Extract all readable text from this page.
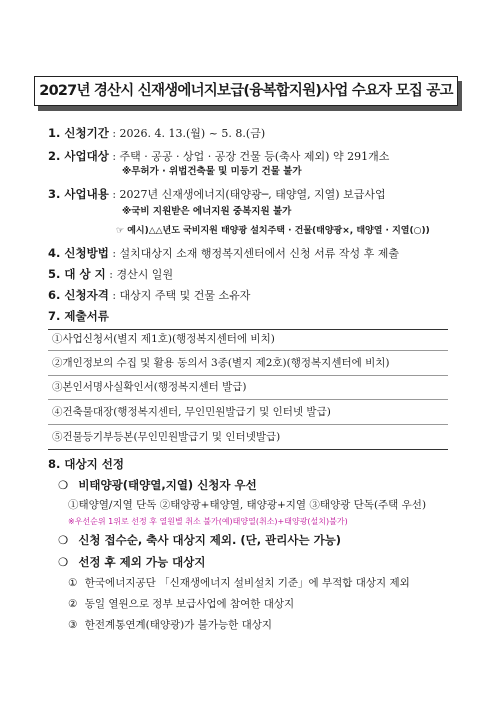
2027년 경산시 신재생에너지보급(융복합지원)사업 수요자 모집 공고
1. 신청기간 : 2026. 4. 13.(월) ~ 5. 8.(금)
2. 사업대상 : 주택 · 공공 · 상업 · 공장 건물 등(축사 제외) 약 291개소
※무허가 · 위법건축물 및 미등기 건물 불가
3. 사업내용 : 2027년 신재생에너지(태양광─, 태양열, 지열) 보급사업
※국비 지원받은 에너지원 중복지원 불가
☞ 예시)△△년도 국비지원 태양광 설치주택 · 건물(태양광×, 태양열 · 지열(○))
4. 신청방법 : 설치대상지 소재 행정복지센터에서 신청 서류 작성 후 제출
5. 대 상 지 : 경산시 일원
6. 신청자격 : 대상지 주택 및 건물 소유자
7. 제출서류
①사업신청서(별지 제1호)(행정복지센터에 비치)
②개인정보의 수집 및 활용 동의서 3종(별지 제2호)(행정복지센터에 비치)
③본인서명사실확인서(행정복지센터 발급)
④건축물대장(행정복지센터, 무인민원발급기 및 인터넷 발급)
⑤건물등기부등본(무인민원발급기 및 인터넷발급)
8. 대상지 선정
❍ 비태양광(태양열,지열) 신청자 우선
①태양열/지열 단독 ②태양광+태양열, 태양광+지열 ③태양광 단독(주택 우선)
※우선순위 1위로 선정 후 열원별 취소 불가(예)태양열(취소)+태양광(설치)불가)
❍ 신청 접수순, 축사 대상지 제외. (단, 관리사는 가능)
❍ 선정 후 제외 가능 대상지
① 한국에너지공단 「신재생에너지 설비설치 기준」에 부적합 대상지 제외
② 동일 열원으로 정부 보급사업에 참여한 대상지
③ 한전계통연계(태양광)가 불가능한 대상지
